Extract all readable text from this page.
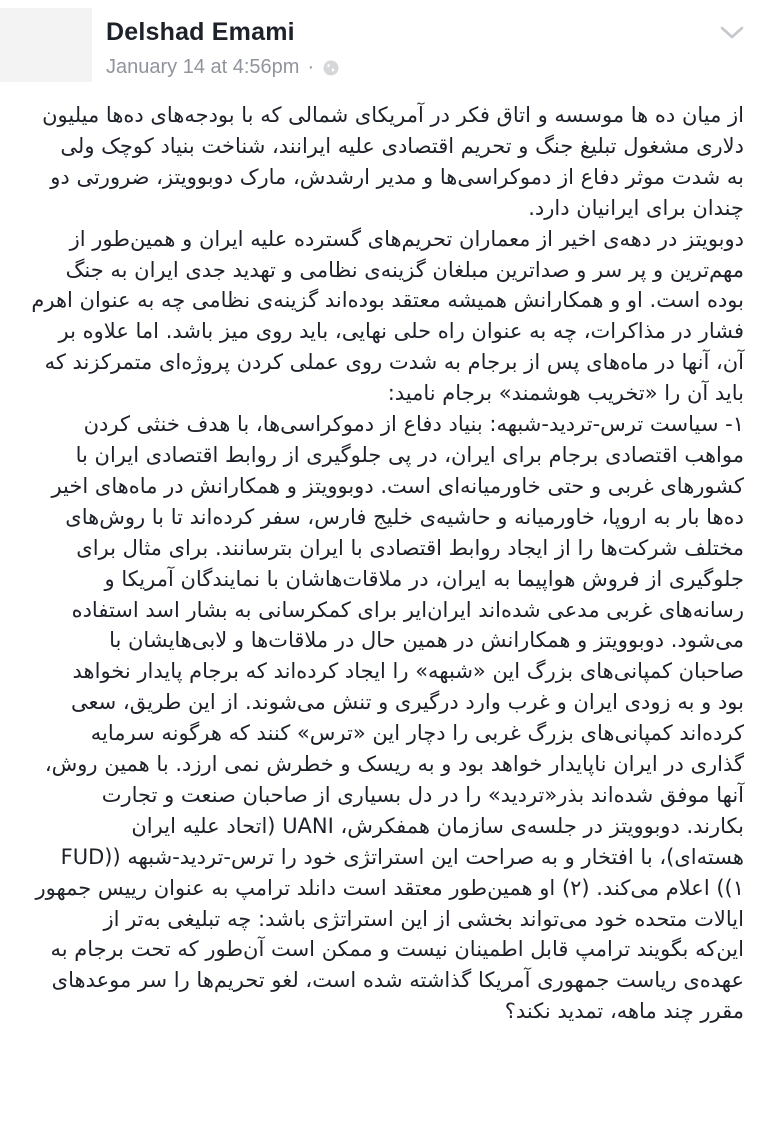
Delshad Emami
January 14 at 4:56pm ·

از میان ده ها موسسه و اتاق فکر در آمریکای شمالی که با بودجه‌های ده‌ها میلیون
دلاری مشغول تبلیغ جنگ و تحریم اقتصادی علیه ایرانند، شناخت بنیاد کوچک ولی
به شدت موثر دفاع از دموکراسی‌ها و مدیر ارشدش، مارک دوبوویتز، ضرورتی دو
چندان برای ایرانیان دارد.

دوبویتز در دهه‌ی اخیر از معماران تحریم‌های گسترده علیه ایران و همین‌طور از
مهم‌ترین و پر سر و صداترین مبلغان گزینه‌ی نظامی و تهدید جدی ایران به جنگ
بوده است. او و همکارانش همیشه معتقد بوده‌اند گزینه‌ی نظامی چه به عنوان اهرم
فشار در مذاکرات، چه به عنوان راه حلی نهایی، باید روی میز باشد. اما علاوه بر
آن، آنها در ماه‌های پس از برجام به شدت روی عملی کردن پروژه‌ای متمرکزند که
باید آن را «تخریب هوشمند» برجام نامید:

۱- سیاست ترس-تردید-شبهه: بنیاد دفاع از دموکراسی‌ها، با هدف خنثی کردن
مواهب اقتصادی برجام برای ایران، در پی جلوگیری از روابط اقتصادی ایران با
کشورهای غربی و حتی خاورمیانه‌ای است. دوبوویتز و همکارانش در ماه‌های اخیر
ده‌ها بار به اروپا، خاورمیانه و حاشیه‌ی خلیج فارس، سفر کرده‌اند تا با روش‌های
مختلف شرکت‌ها را از ایجاد روابط اقتصادی با ایران بترسانند. برای مثال برای
جلوگیری از فروش هواپیما به ایران، در ملاقات‌هاشان با نمایندگان آمریکا و
رسانه‌های غربی مدعی شده‌اند ایران‌ایر برای کمکرسانی به بشار اسد استفاده
می‌شود. دوبوویتز و همکارانش در همین حال در ملاقات‌ها و لابی‌هایشان با
صاحبان کمپانی‌های بزرگ این «شبهه» را ایجاد کرده‌اند که برجام پایدار نخواهد
بود و به زودی ایران و غرب وارد درگیری و تنش می‌شوند. از این طریق، سعی
کرده‌اند کمپانی‌های بزرگ غربی را دچار این «ترس» کنند که هرگونه سرمایه
گذاری در ایران ناپایدار خواهد بود و به ریسک و خطرش نمی ارزد. با همین روش،
آنها موفق شده‌اند بذر«تردید» را در دل بسیاری از صاحبان صنعت و تجارت
بکارند. دوبوویتز در جلسه‌ی سازمان همفکرش، UANI (اتحاد علیه ایران
هسته‌ای)، با افتخار و به صراحت این استراتژی خود را ترس-تردید-شبهه ((FUD
۱)) اعلام می‌کند. (۲) او همین‌طور معتقد است دانلد ترامپ به عنوان رییس جمهور
ایالات متحده خود می‌تواند بخشی از این استراتژی باشد: چه تبلیغی به‌تر از
این‌که بگویند ترامپ قابل اطمینان نیست و ممکن است آن‌طور که تحت برجام به
عهده‌ی ریاست جمهوری آمریکا گذاشته شده است، لغو تحریم‌ها را سر موعدهای
مقرر چند ماهه، تمدید نکند؟
